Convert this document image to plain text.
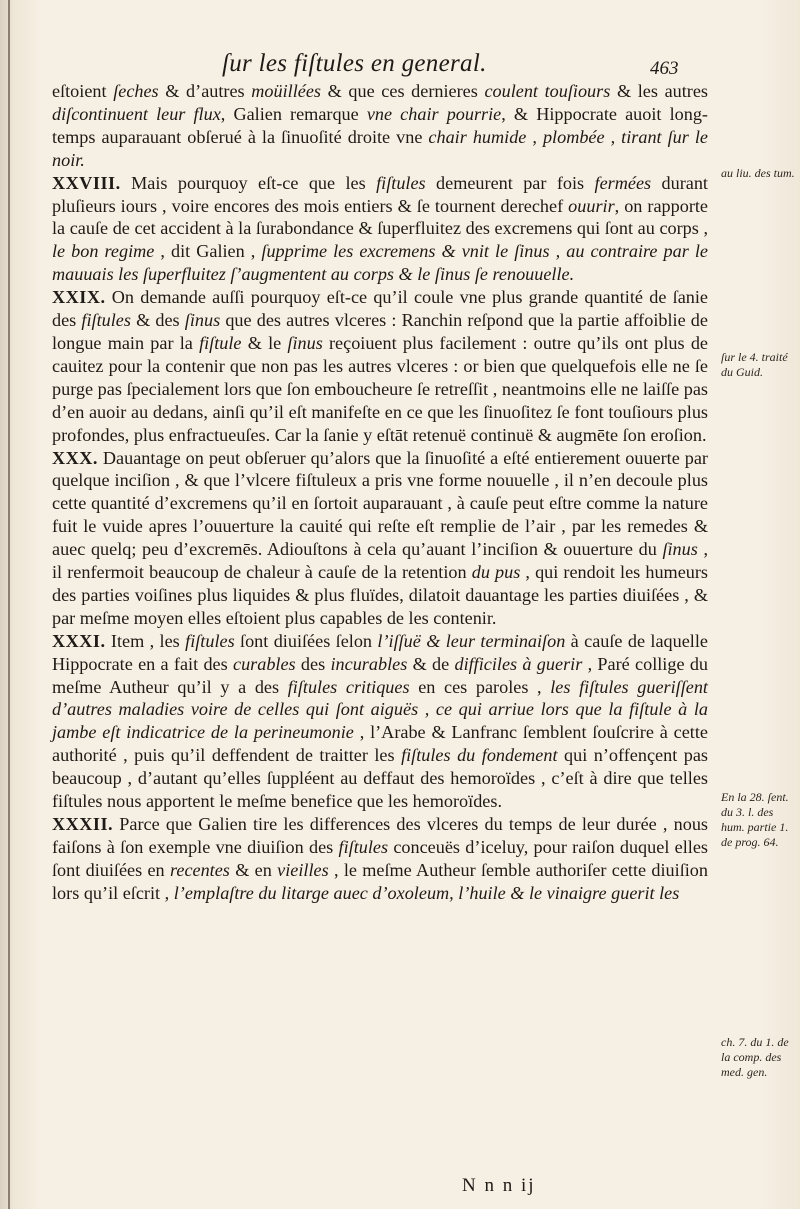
ſur les fiſtules en general.	463

eſtoient ſeches & d’autres moüillées & que ces dernieres coulent touſiours & les autres diſcontinuent leur flux, Galien remarque vne chair pourrie, & Hippocrate auoit long-temps auparauant obſerué à la ſinuoſité droite vne chair humide , plombée , tirant ſur le noir.

XXVIII. Mais pourquoy eſt-ce que les fiſtules demeurent par fois fermées durant pluſieurs iours , voire encores des mois entiers & ſe tournent derechef ouurir, on rapporte la cauſe de cet accident à la ſurabondance & ſuperfluitez des excremens qui ſont au corps , le bon regime , dit Galien , ſupprime les excremens & vnit le ſinus , au contraire par le mauuais les ſuperfluitez ſ’augmentent au corps & le ſinus ſe renouuelle.

XXIX. On demande auſſi pourquoy eſt-ce qu’il coule vne plus grande quantité de ſanie des fiſtules & des ſinus que des autres vlceres : Ranchin reſpond que la partie affoiblie de longue main par la fiſtule & le ſinus reçoiuent plus facilement : outre qu’ils ont plus de cauitez pour la contenir que non pas les autres vlceres : or bien que quelquefois elle ne ſe purge pas ſpecialement lors que ſon emboucheure ſe retreſſit , neantmoins elle ne laiſſe pas d’en auoir au dedans, ainſi qu’il eſt manifeſte en ce que les ſinuoſitez ſe font touſiours plus profondes, plus enfractueuſes. Car la ſanie y eſtāt retenuë continuë & augmēte ſon eroſion.

XXX. Dauantage on peut obſeruer qu’alors que la ſinuoſité a eſté entierement ouuerte par quelque inciſion , & que l’vlcere fiſtuleux a pris vne forme nouuelle , il n’en decoule plus cette quantité d’excremens qu’il en ſortoit auparauant , à cauſe peut eſtre comme la nature fuit le vuide apres l’ouuerture la cauité qui reſte eſt remplie de l’air , par les remedes & auec quelq; peu d’excremēs. Adiouſtons à cela qu’auant l’inciſion & ouuerture du ſinus , il renfermoit beaucoup de chaleur à cauſe de la retention du pus , qui rendoit les humeurs des parties voiſines plus liquides & plus fluïdes, dilatoit dauantage les parties diuiſées , & par meſme moyen elles eſtoient plus capables de les contenir.

XXXI. Item , les fiſtules ſont diuiſées ſelon l’iſſuë & leur terminaiſon à cauſe de laquelle Hippocrate en a fait des curables des incurables & de difficiles à guerir , Paré collige du meſme Autheur qu’il y a des fiſtules critiques en ces paroles , les fiſtules gueriſſent d’autres maladies voire de celles qui ſont aiguës , ce qui arriue lors que la fiſtule à la jambe eſt indicatrice de la perineumonie , l’Arabe & Lanfranc ſemblent ſouſcrire à cette authorité , puis qu’il deffendent de traitter les fiſtules du fondement qui n’offençent pas beaucoup , d’autant qu’elles ſuppléent au deffaut des hemoroïdes , c’eſt à dire que telles fiſtules nous apportent le meſme benefice que les hemoroïdes.

XXXII. Parce que Galien tire les differences des vlceres du temps de leur durée , nous faiſons à ſon exemple vne diuiſion des fiſtules conceuës d’iceluy, pour raiſon duquel elles ſont diuiſées en recentes & en vieilles , le meſme Autheur ſemble authoriſer cette diuiſion lors qu’il eſcrit , l’emplaſtre du litarge auec d’oxoleum, l’huile & le vinaigre guerit les

au liu. des tum.
ſur le 4. traité du Guid.
En la 28. ſent. du 3. l. des hum. partie 1. de prog. 64.
ch. 7. du 1. de la comp. des med. gen.
N n n ij
